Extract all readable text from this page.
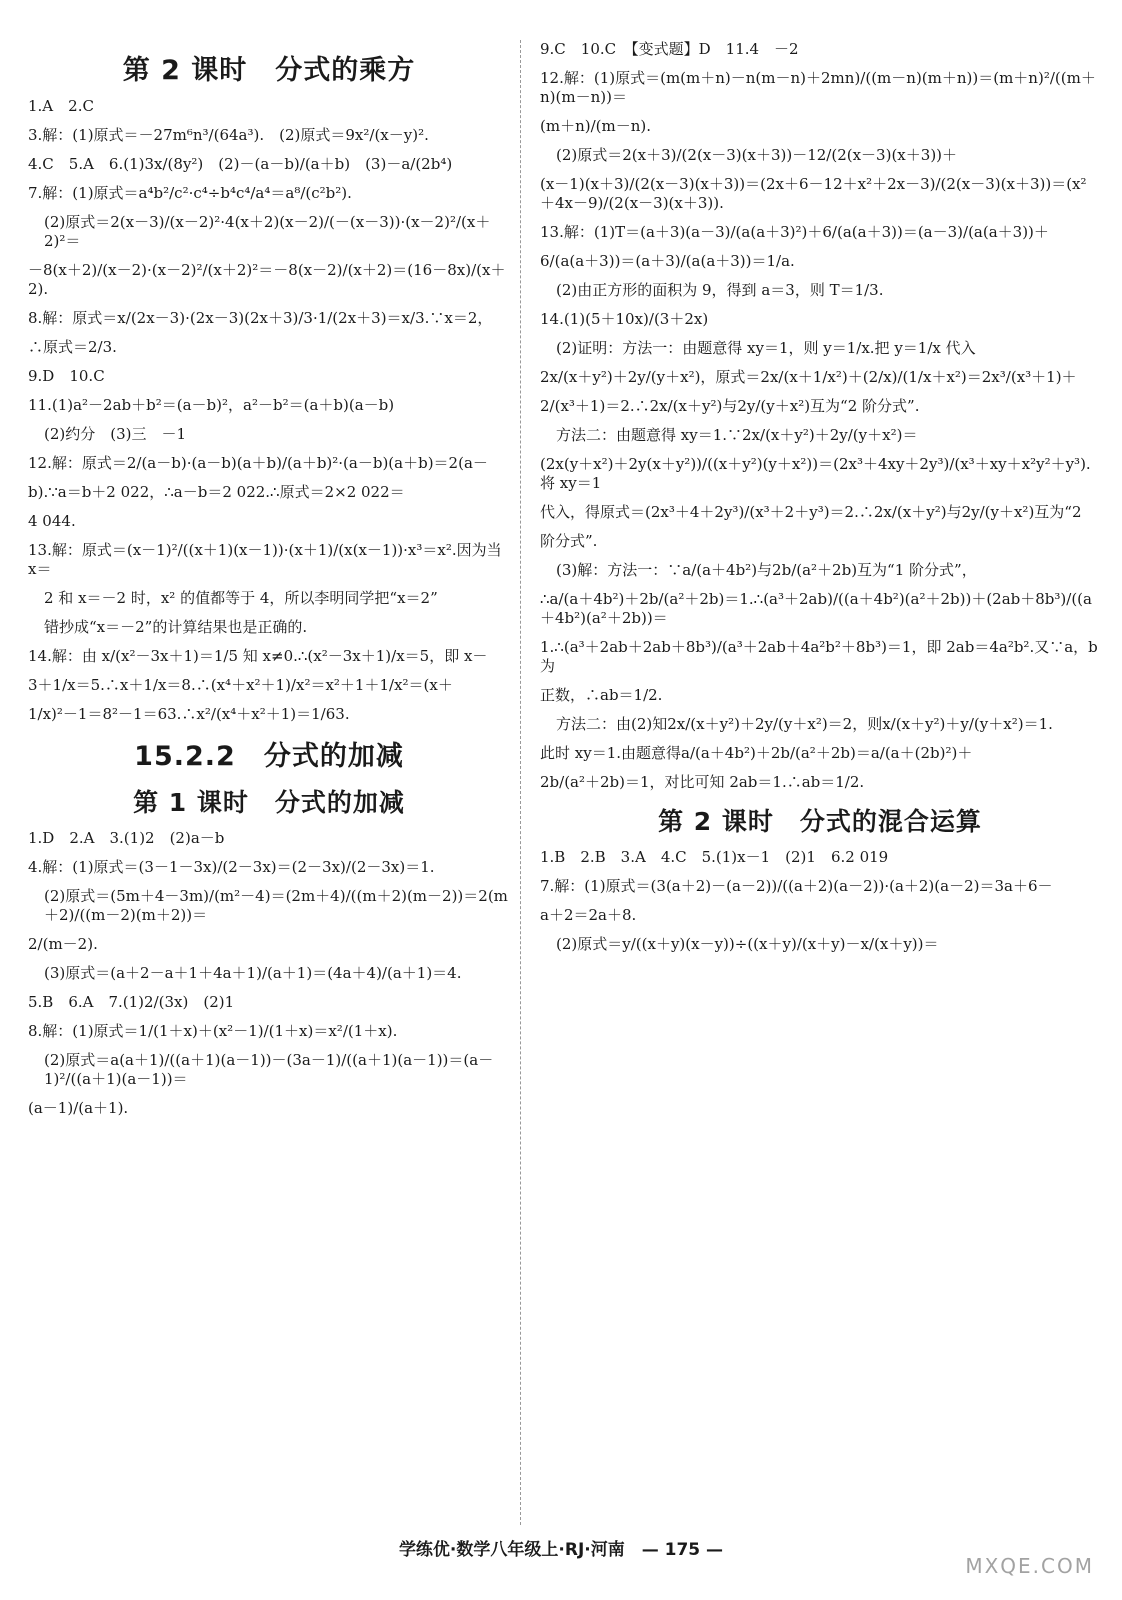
第 2 课时　分式的乘方
1.A　2.C
3.解：(1)原式＝－27m⁶n³/(64a³).　(2)原式＝9x²/(x－y)².
4.C　5.A　6.(1)3x/(8y²)　(2)－(a－b)/(a＋b)　(3)－a/(2b⁴)
7.解：(1)原式＝a⁴b²/c²·c⁴÷b⁴c⁴/a⁴＝a⁸/(c²b²).
(2)原式＝2(x－3)/(x－2)²·4(x＋2)(x－2)/(－(x－3))·(x－2)²/(x＋2)²＝
－8(x＋2)/(x－2)·(x－2)²/(x＋2)²＝－8(x－2)/(x＋2)＝(16－8x)/(x＋2).
8.解：原式＝x/(2x－3)·(2x－3)(2x＋3)/3·1/(2x＋3)＝x/3.∵x＝2，
∴原式＝2/3.
9.D　10.C
11.(1)a²－2ab＋b²＝(a－b)²，a²－b²＝(a＋b)(a－b)
(2)约分　(3)三　－1
12.解：原式＝2/(a－b)·(a－b)(a＋b)/(a＋b)²·(a－b)(a＋b)＝2(a－
b).∵a＝b＋2 022，∴a－b＝2 022.∴原式＝2×2 022＝
4 044.
13.解：原式＝(x－1)²/((x＋1)(x－1))·(x＋1)/(x(x－1))·x³＝x².因为当 x＝
2 和 x＝－2 时，x² 的值都等于 4，所以李明同学把“x＝2”
错抄成“x＝－2”的计算结果也是正确的.
14.解：由 x/(x²－3x＋1)＝1/5 知 x≠0.∴(x²－3x＋1)/x＝5，即 x－
3＋1/x＝5.∴x＋1/x＝8.∴(x⁴＋x²＋1)/x²＝x²＋1＋1/x²＝(x＋
1/x)²－1＝8²－1＝63.∴x²/(x⁴＋x²＋1)＝1/63.
15.2.2　分式的加减
第 1 课时　分式的加减
1.D　2.A　3.(1)2　(2)a－b
4.解：(1)原式＝(3－1－3x)/(2－3x)＝(2－3x)/(2－3x)＝1.
(2)原式＝(5m＋4－3m)/(m²－4)＝(2m＋4)/((m＋2)(m－2))＝2(m＋2)/((m－2)(m＋2))＝
2/(m－2).
(3)原式＝(a＋2－a＋1＋4a＋1)/(a＋1)＝(4a＋4)/(a＋1)＝4.
5.B　6.A　7.(1)2/(3x)　(2)1
8.解：(1)原式＝1/(1＋x)＋(x²－1)/(1＋x)＝x²/(1＋x).
(2)原式＝a(a＋1)/((a＋1)(a－1))－(3a－1)/((a＋1)(a－1))＝(a－1)²/((a＋1)(a－1))＝
(a－1)/(a＋1).
9.C　10.C　【变式题】D　11.4　－2
12.解：(1)原式＝(m(m＋n)－n(m－n)＋2mn)/((m－n)(m＋n))＝(m＋n)²/((m＋n)(m－n))＝
(m＋n)/(m－n).
(2)原式＝2(x＋3)/(2(x－3)(x＋3))－12/(2(x－3)(x＋3))＋
(x－1)(x＋3)/(2(x－3)(x＋3))＝(2x＋6－12＋x²＋2x－3)/(2(x－3)(x＋3))＝(x²＋4x－9)/(2(x－3)(x＋3)).
13.解：(1)T＝(a＋3)(a－3)/(a(a＋3)²)＋6/(a(a＋3))＝(a－3)/(a(a＋3))＋
6/(a(a＋3))＝(a＋3)/(a(a＋3))＝1/a.
(2)由正方形的面积为 9，得到 a＝3，则 T＝1/3.
14.(1)(5＋10x)/(3＋2x)
(2)证明：方法一：由题意得 xy＝1，则 y＝1/x.把 y＝1/x 代入
2x/(x＋y²)＋2y/(y＋x²)，原式＝2x/(x＋1/x²)＋(2/x)/(1/x＋x²)＝2x³/(x³＋1)＋
2/(x³＋1)＝2.∴2x/(x＋y²)与2y/(y＋x²)互为“2 阶分式”.
方法二：由题意得 xy＝1.∵2x/(x＋y²)＋2y/(y＋x²)＝
(2x(y＋x²)＋2y(x＋y²))/((x＋y²)(y＋x²))＝(2x³＋4xy＋2y³)/(x³＋xy＋x²y²＋y³).将 xy＝1
代入，得原式＝(2x³＋4＋2y³)/(x³＋2＋y³)＝2.∴2x/(x＋y²)与2y/(y＋x²)互为“2
阶分式”.
(3)解：方法一：∵a/(a＋4b²)与2b/(a²＋2b)互为“1 阶分式”，
∴a/(a＋4b²)＋2b/(a²＋2b)＝1.∴(a³＋2ab)/((a＋4b²)(a²＋2b))＋(2ab＋8b³)/((a＋4b²)(a²＋2b))＝
1.∴(a³＋2ab＋2ab＋8b³)/(a³＋2ab＋4a²b²＋8b³)＝1，即 2ab＝4a²b².又∵a，b 为
正数，∴ab＝1/2.
方法二：由(2)知2x/(x＋y²)＋2y/(y＋x²)＝2，则x/(x＋y²)＋y/(y＋x²)＝1.
此时 xy＝1.由题意得a/(a＋4b²)＋2b/(a²＋2b)＝a/(a＋(2b)²)＋
2b/(a²＋2b)＝1，对比可知 2ab＝1.∴ab＝1/2.
第 2 课时　分式的混合运算
1.B　2.B　3.A　4.C　5.(1)x－1　(2)1　6.2 019
7.解：(1)原式＝(3(a＋2)－(a－2))/((a＋2)(a－2))·(a＋2)(a－2)＝3a＋6－
a＋2＝2a＋8.
(2)原式＝y/((x＋y)(x－y))÷((x＋y)/(x＋y)－x/(x＋y))＝
学练优·数学八年级上·RJ·河南　— 175 —
MXQE.COM
